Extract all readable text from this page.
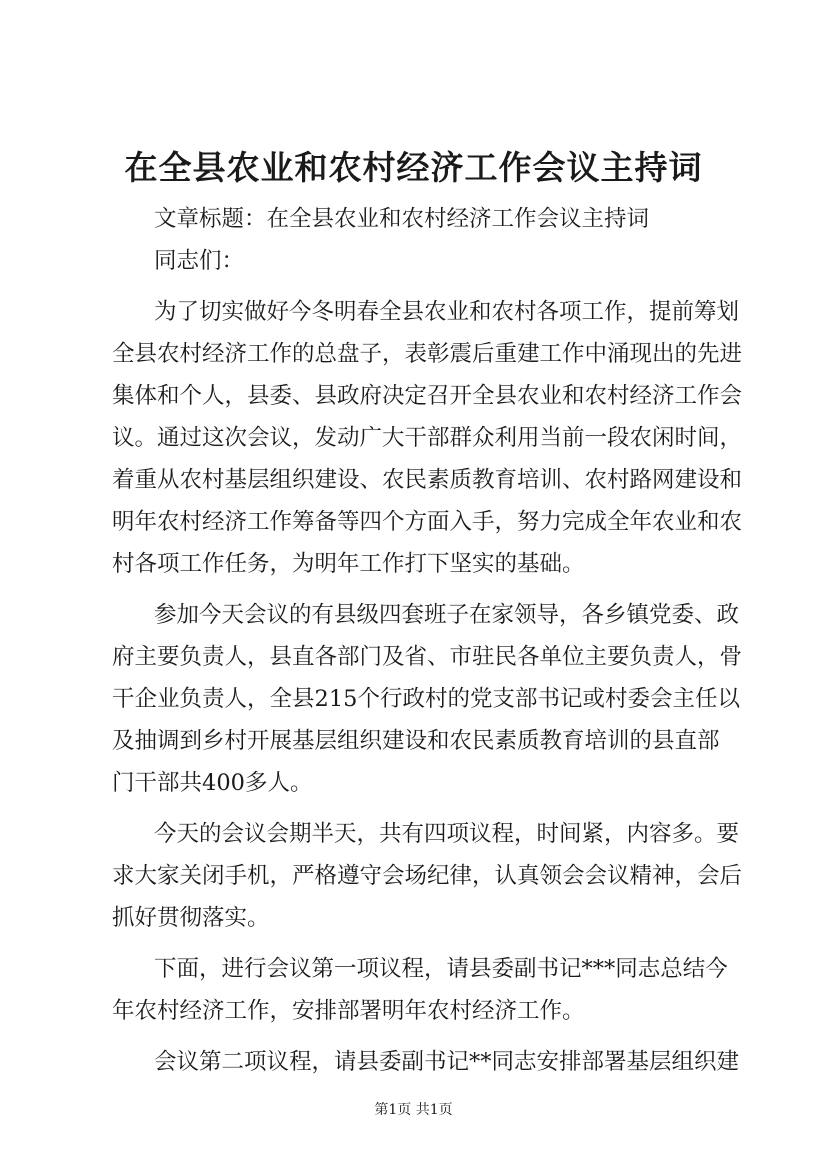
在全县农业和农村经济工作会议主持词
文章标题：在全县农业和农村经济工作会议主持词
同志们：
为了切实做好今冬明春全县农业和农村各项工作，提前筹划
全县农村经济工作的总盘子，表彰震后重建工作中涌现出的先进
集体和个人，县委、县政府决定召开全县农业和农村经济工作会
议。通过这次会议，发动广大干部群众利用当前一段农闲时间，
着重从农村基层组织建设、农民素质教育培训、农村路网建设和
明年农村经济工作筹备等四个方面入手，努力完成全年农业和农
村各项工作任务，为明年工作打下坚实的基础。
参加今天会议的有县级四套班子在家领导，各乡镇党委、政
府主要负责人，县直各部门及省、市驻民各单位主要负责人，骨
干企业负责人，全县215个行政村的党支部书记或村委会主任以
及抽调到乡村开展基层组织建设和农民素质教育培训的县直部
门干部共400多人。
今天的会议会期半天，共有四项议程，时间紧，内容多。要
求大家关闭手机，严格遵守会场纪律，认真领会会议精神，会后
抓好贯彻落实。
下面，进行会议第一项议程，请县委副书记***同志总结今
年农村经济工作，安排部署明年农村经济工作。
会议第二项议程，请县委副书记**同志安排部署基层组织建
第1页 共1页
